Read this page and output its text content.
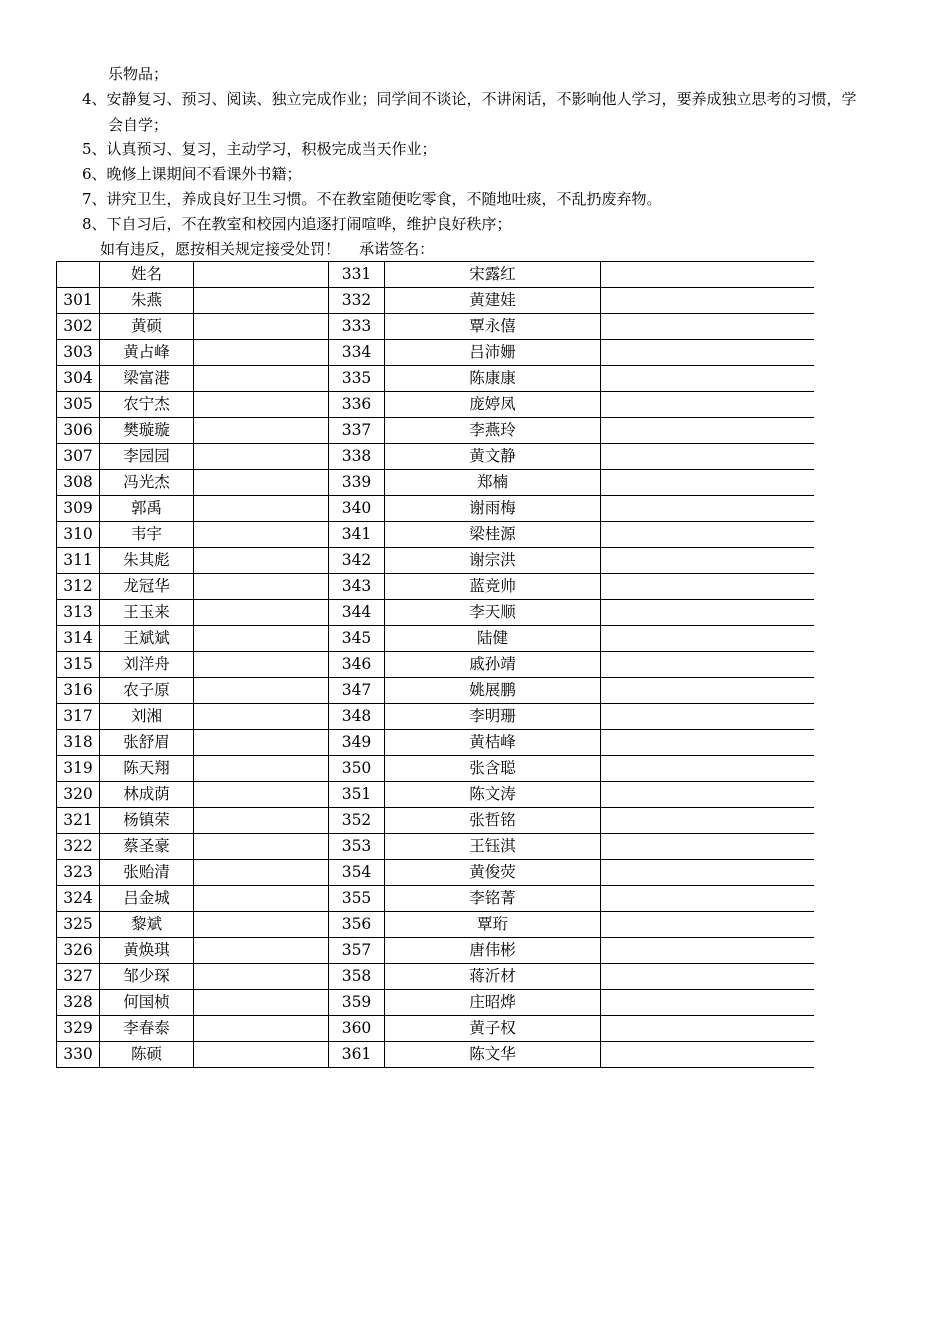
乐物品；
4、安静复习、预习、阅读、独立完成作业；同学间不谈论，不讲闲话，不影响他人学习，要养成独立思考的习惯，学
会自学；
5、认真预习、复习，主动学习，积极完成当天作业；
6、晚修上课期间不看课外书籍；
7、讲究卫生，养成良好卫生习惯。不在教室随便吃零食，不随地吐痰，不乱扔废弃物。
8、下自习后，不在教室和校园内追逐打闹喧哗，维护良好秩序；
如有违反，愿按相关规定接受处罚！    承诺签名：
	姓名		331	宋露红	
301	朱燕		332	黄建娃	
302	黄硕		333	覃永僖	
303	黄占峰		334	吕沛姗	
304	梁富港		335	陈康康	
305	农宁杰		336	庞婷凤	
306	樊璇璇		337	李燕玲	
307	李园园		338	黄文静	
308	冯光杰		339	郑楠	
309	郭禹		340	谢雨梅	
310	韦宇		341	梁桂源	
311	朱其彪		342	谢宗洪	
312	龙冠华		343	蓝竞帅	
313	王玉来		344	李天顺	
314	王斌斌		345	陆健	
315	刘洋舟		346	戚孙靖	
316	农子原		347	姚展鹏	
317	刘湘		348	李明珊	
318	张舒眉		349	黄桔峰	
319	陈天翔		350	张含聪	
320	林成荫		351	陈文涛	
321	杨镇荣		352	张哲铭	
322	蔡圣豪		353	王钰淇	
323	张贻清		354	黄俊荧	
324	吕金城		355	李铭菁	
325	黎斌		356	覃珩	
326	黄焕琪		357	唐伟彬	
327	邹少琛		358	蒋沂材	
328	何国桢		359	庄昭烨	
329	李春泰		360	黄子权	
330	陈硕		361	陈文华	
